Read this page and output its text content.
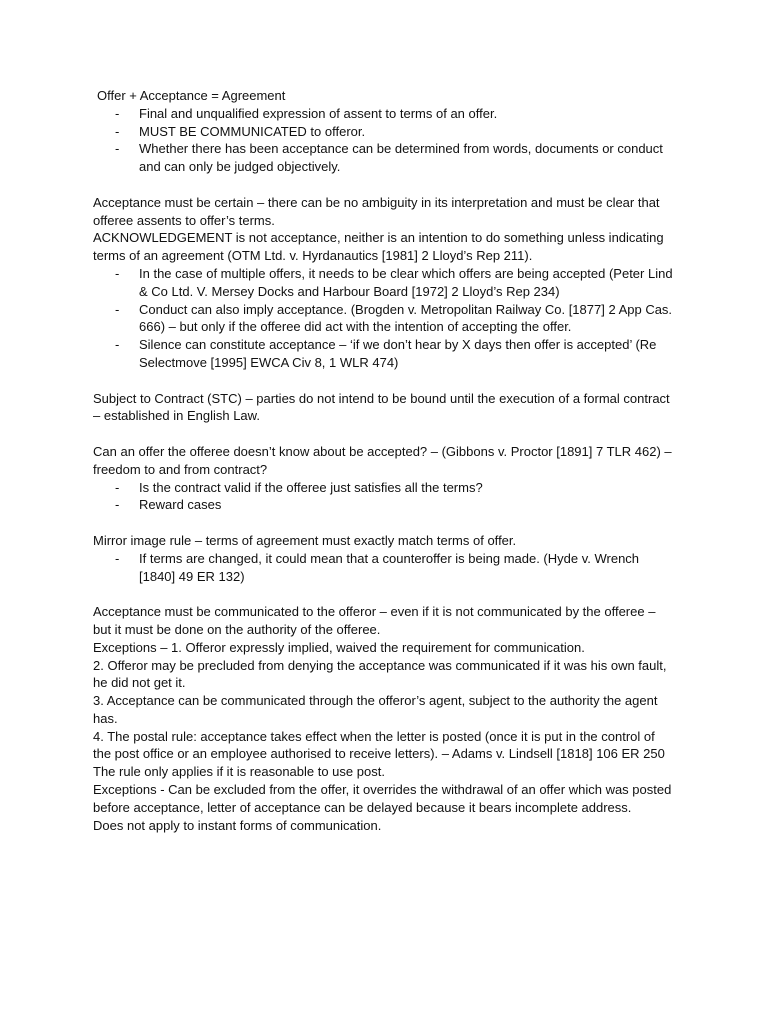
Offer + Acceptance = Agreement

- Final and unqualified expression of assent to terms of an offer.
- MUST BE COMMUNICATED to offeror.
- Whether there has been acceptance can be determined from words, documents or conduct and can only be judged objectively.

Acceptance must be certain – there can be no ambiguity in its interpretation and must be clear that offeree assents to offer’s terms.

ACKNOWLEDGEMENT is not acceptance, neither is an intention to do something unless indicating terms of an agreement (OTM Ltd. v. Hyrdanautics [1981] 2 Lloyd’s Rep 211).

- In the case of multiple offers, it needs to be clear which offers are being accepted (Peter Lind & Co Ltd. V. Mersey Docks and Harbour Board [1972] 2 Lloyd’s Rep 234)
- Conduct can also imply acceptance. (Brogden v. Metropolitan Railway Co. [1877] 2 App Cas. 666) – but only if the offeree did act with the intention of accepting the offer.
- Silence can constitute acceptance – ‘if we don’t hear by X days then offer is accepted’ (Re Selectmove [1995] EWCA Civ 8, 1 WLR 474)

Subject to Contract (STC) – parties do not intend to be bound until the execution of a formal contract – established in English Law.

Can an offer the offeree doesn’t know about be accepted? – (Gibbons v. Proctor [1891] 7 TLR 462) – freedom to and from contract?

- Is the contract valid if the offeree just satisfies all the terms?
- Reward cases

Mirror image rule – terms of agreement must exactly match terms of offer.

- If terms are changed, it could mean that a counteroffer is being made. (Hyde v. Wrench [1840] 49 ER 132)

Acceptance must be communicated to the offeror – even if it is not communicated by the offeree – but it must be done on the authority of the offeree.

Exceptions – 1. Offeror expressly implied, waived the requirement for communication.

2. Offeror may be precluded from denying the acceptance was communicated if it was his own fault, he did not get it.

3. Acceptance can be communicated through the offeror’s agent, subject to the authority the agent has.

4. The postal rule: acceptance takes effect when the letter is posted (once it is put in the control of the post office or an employee authorised to receive letters). – Adams v. Lindsell [1818] 106 ER 250

The rule only applies if it is reasonable to use post.

Exceptions - Can be excluded from the offer, it overrides the withdrawal of an offer which was posted before acceptance, letter of acceptance can be delayed because it bears incomplete address.

Does not apply to instant forms of communication.
